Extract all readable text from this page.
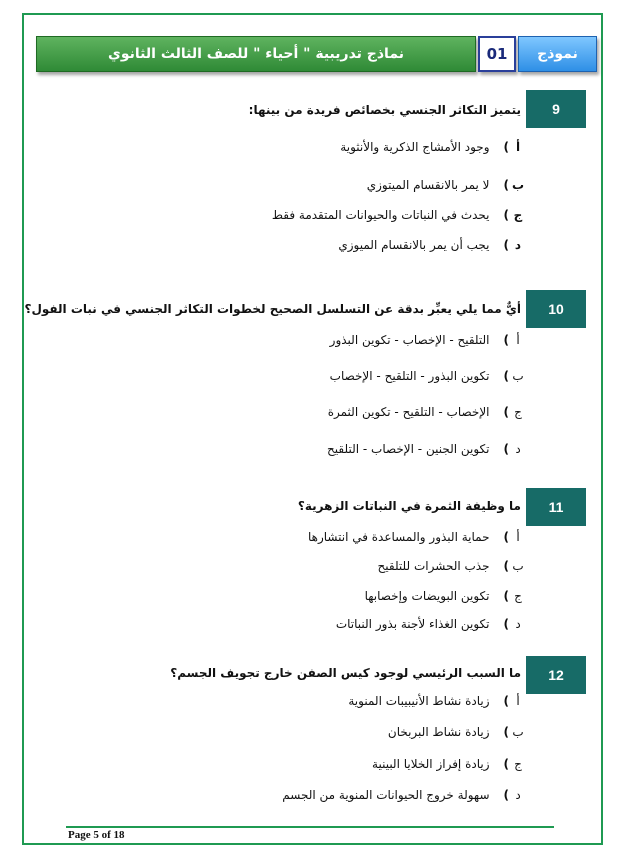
نماذج تدريبية " أحياء " للصف الثالث الثانوي	01	نموذج
9
يتميز التكاثر الجنسي بخصائص فريدة من بينها:
أ
)
وجود الأمشاج الذكرية والأنثوية
ب
)
لا يمر بالانقسام الميتوزي
ج
)
يحدث في النباتات والحيوانات المتقدمة فقط
د
)
يجب أن يمر بالانقسام الميوزي
10
أيٌّ مما يلي يعبِّر بدقة عن التسلسل الصحيح لخطوات التكاثر الجنسي في نبات الفول؟
أ
)
التلقيح - الإخصاب - تكوين البذور
ب
)
تكوين البذور - التلقيح - الإخصاب
ج
)
الإخصاب - التلقيح - تكوين الثمرة
د
)
تكوين الجنين - الإخصاب - التلقيح
11
ما وظيفة الثمرة في النباتات الزهرية؟
أ
)
حماية البذور والمساعدة في انتشارها
ب
)
جذب الحشرات للتلقيح
ج
)
تكوين البويضات وإخصابها
د
)
تكوين الغذاء لأجنة بذور النباتات
12
ما السبب الرئيسي لوجود كيس الصفن خارج تجويف الجسم؟
أ
)
زيادة نشاط الأنيبيبات المنوية
ب
)
زيادة نشاط البربخان
ج
)
زيادة إفراز الخلايا البينية
د
)
سهولة خروج الحيوانات المنوية من الجسم
Page 5 of 18
